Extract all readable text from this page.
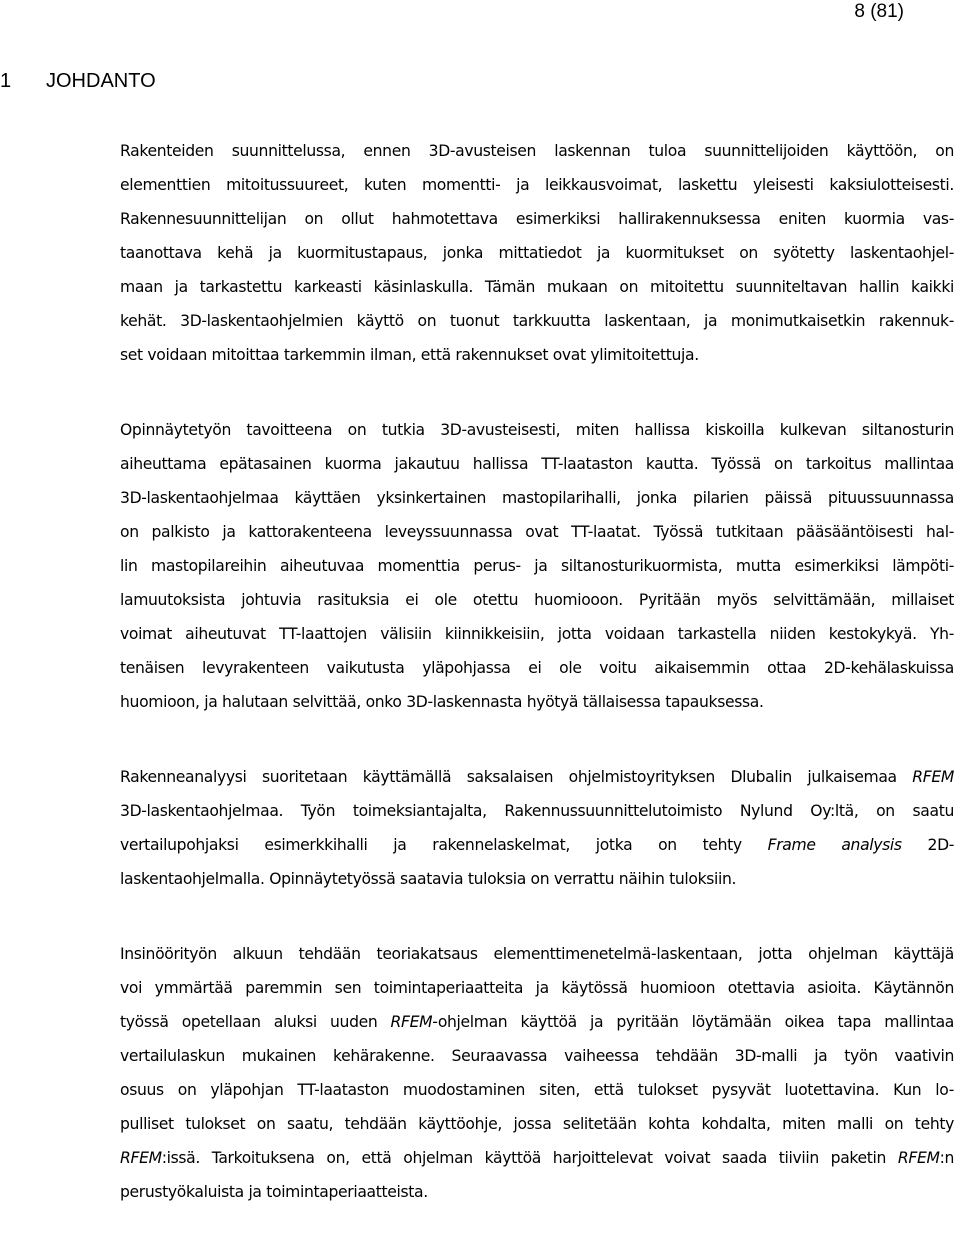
8 (81)
1 JOHDANTO
Rakenteiden suunnittelussa, ennen 3D-avusteisen laskennan tuloa suunnittelijoiden käyttöön, on
elementtien mitoitussuureet, kuten momentti- ja leikkausvoimat, laskettu yleisesti kaksiulotteisesti.
Rakennesuunnittelijan on ollut hahmotettava esimerkiksi hallirakennuksessa eniten kuormia vas-
taanottava kehä ja kuormitustapaus, jonka mittatiedot ja kuormitukset on syötetty laskentaohjel-
maan ja tarkastettu karkeasti käsinlaskulla. Tämän mukaan on mitoitettu suunniteltavan hallin kaikki
kehät. 3D-laskentaohjelmien käyttö on tuonut tarkkuutta laskentaan, ja monimutkaisetkin rakennuk-
set voidaan mitoittaa tarkemmin ilman, että rakennukset ovat ylimitoitettuja.
Opinnäytetyön tavoitteena on tutkia 3D-avusteisesti, miten hallissa kiskoilla kulkevan siltanosturin
aiheuttama epätasainen kuorma jakautuu hallissa TT-laataston kautta. Työssä on tarkoitus mallintaa
3D-laskentaohjelmaa käyttäen yksinkertainen mastopilarihalli, jonka pilarien päissä pituussuunnassa
on palkisto ja kattorakenteena leveyssuunnassa ovat TT-laatat. Työssä tutkitaan pääsääntöisesti hal-
lin mastopilareihin aiheutuvaa momenttia perus- ja siltanosturikuormista, mutta esimerkiksi lämpöti-
lamuutoksista johtuvia rasituksia ei ole otettu huomiooon. Pyritään myös selvittämään, millaiset
voimat aiheutuvat TT-laattojen välisiin kiinnikkeisiin, jotta voidaan tarkastella niiden kestokykyä. Yh-
tenäisen levyrakenteen vaikutusta yläpohjassa ei ole voitu aikaisemmin ottaa 2D-kehälaskuissa
huomioon, ja halutaan selvittää, onko 3D-laskennasta hyötyä tällaisessa tapauksessa.
Rakenneanalyysi suoritetaan käyttämällä saksalaisen ohjelmistoyrityksen Dlubalin julkaisemaa RFEM
3D-laskentaohjelmaa. Työn toimeksiantajalta, Rakennussuunnittelutoimisto Nylund Oy:ltä, on saatu
vertailupohjaksi esimerkkihalli ja rakennelaskelmat, jotka on tehty Frame analysis 2D-
laskentaohjelmalla. Opinnäytetyössä saatavia tuloksia on verrattu näihin tuloksiin.
Insinöörityön alkuun tehdään teoriakatsaus elementtimenetelmä-laskentaan, jotta ohjelman käyttäjä
voi ymmärtää paremmin sen toimintaperiaatteita ja käytössä huomioon otettavia asioita. Käytännön
työssä opetellaan aluksi uuden RFEM-ohjelman käyttöä ja pyritään löytämään oikea tapa mallintaa
vertailulaskun mukainen kehärakenne. Seuraavassa vaiheessa tehdään 3D-malli ja työn vaativin
osuus on yläpohjan TT-laataston muodostaminen siten, että tulokset pysyvät luotettavina. Kun lo-
pulliset tulokset on saatu, tehdään käyttöohje, jossa selitetään kohta kohdalta, miten malli on tehty
RFEM:issä. Tarkoituksena on, että ohjelman käyttöä harjoittelevat voivat saada tiiviin paketin RFEM:n
perustyökaluista ja toimintaperiaatteista.
